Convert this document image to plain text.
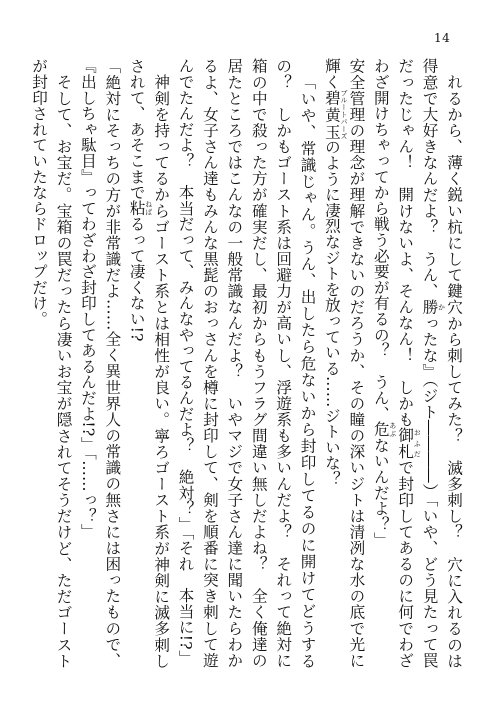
14

れるから、薄く鋭い杭にして鍵穴から刺してみた？　滅多刺し？　穴に入れるのは得意で大好きなんだよ？　うん、勝 かったな』（ジト――――）「いや、どう見たって罠だったじゃん！　開けないよ、そんなん！　しかも御札 おふだで封印してあるのに何でわざわざ開けちゃってから戦う必要が有るの？　うん、危 あぶないんだよ？」

安全管理の理念が理解できないのだろうか、その瞳の深いジトは清冽な水の底で光に輝く碧黄玉 ブルートパーズのように凄烈なジトを放っている……ジトいな？

「いや、常識じゃん。うん、出したら危ないから封印してるのに開けてどうするの？　しかもゴースト系は回避力が高いし、浮遊系も多いんだよ？　それって絶対に箱の中で殺った方が確実だし、最初からもうフラグ間違い無しだよね？　全く俺達の居たところではこんなの一般常識なんだよ？　いやマジで女子さん達に聞いたらわかるよ、女子さん達もみんな黒髭のおっさんを樽に封印して、剣を順番に突き刺して遊んでたんだよ？　本当だって、みんなやってるんだよ？　絶対？」「それ　本当に!?」

神剣を持ってるからゴースト系とは相性が良い。寧ろゴースト系が神剣に滅多刺しされて、あそこまで粘 ねばるって凄くない!?

「絶対にそっちの方が非常識だよ……全く異世界人の常識の無さには困ったもので、『出しちゃ駄目』ってわざわざ封印してあるんだよ!?」「……っ？」

そして、お宝だ。宝箱の罠だったら凄いお宝が隠されてそうだけど、ただゴーストが封印されていたならドロップだけ。
